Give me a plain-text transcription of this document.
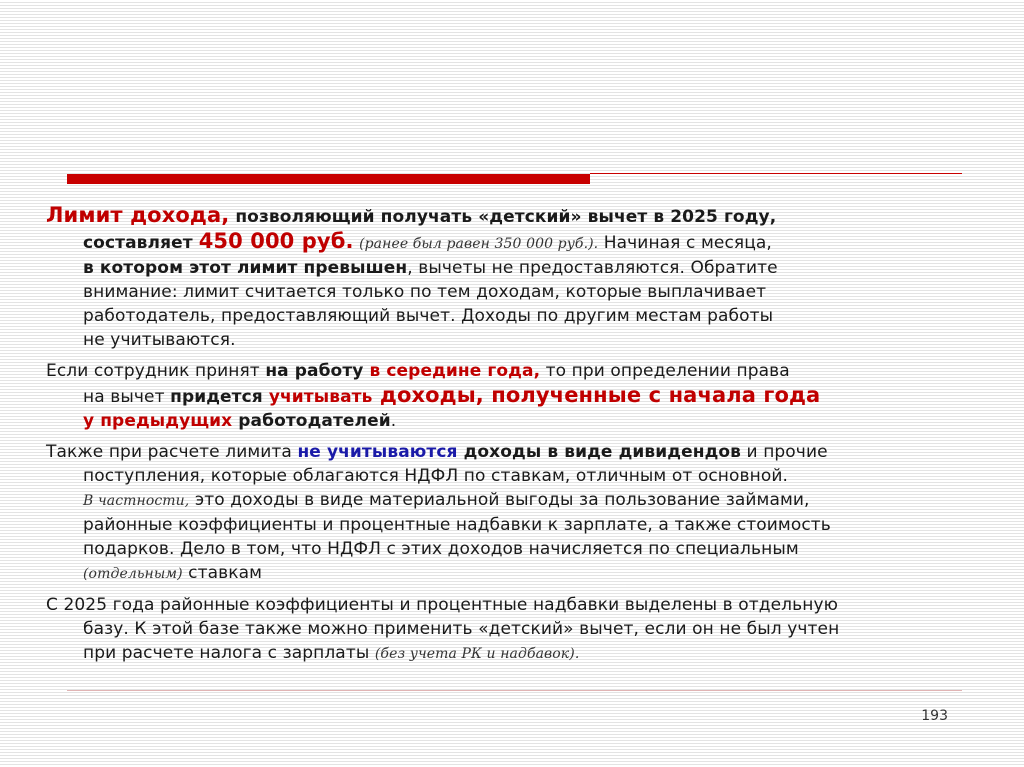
Лимит дохода, позволяющий получать «детский» вычет в 2025 году,
составляет 450 000 руб. (ранее был равен 350 000 руб.). Начиная с месяца,
в котором этот лимит превышен, вычеты не предоставляются. Обратите
внимание: лимит считается только по тем доходам, которые выплачивает
работодатель, предоставляющий вычет. Доходы по другим местам работы
не учитываются.

Если сотрудник принят на работу в середине года, то при определении права
на вычет придется учитывать доходы, полученные с начала года
у предыдущих работодателей.

Также при расчете лимита не учитываются доходы в виде дивидендов и прочие
поступления, которые облагаются НДФЛ по ставкам, отличным от основной.
В частности, это доходы в виде материальной выгоды за пользование займами,
районные коэффициенты и процентные надбавки к зарплате, а также стоимость
подарков. Дело в том, что НДФЛ с этих доходов начисляется по специальным
(отдельным) ставкам

С 2025 года районные коэффициенты и процентные надбавки выделены в отдельную
базу. К этой базе также можно применить «детский» вычет, если он не был учтен
при расчете налога с зарплаты (без учета РК и надбавок).

193
